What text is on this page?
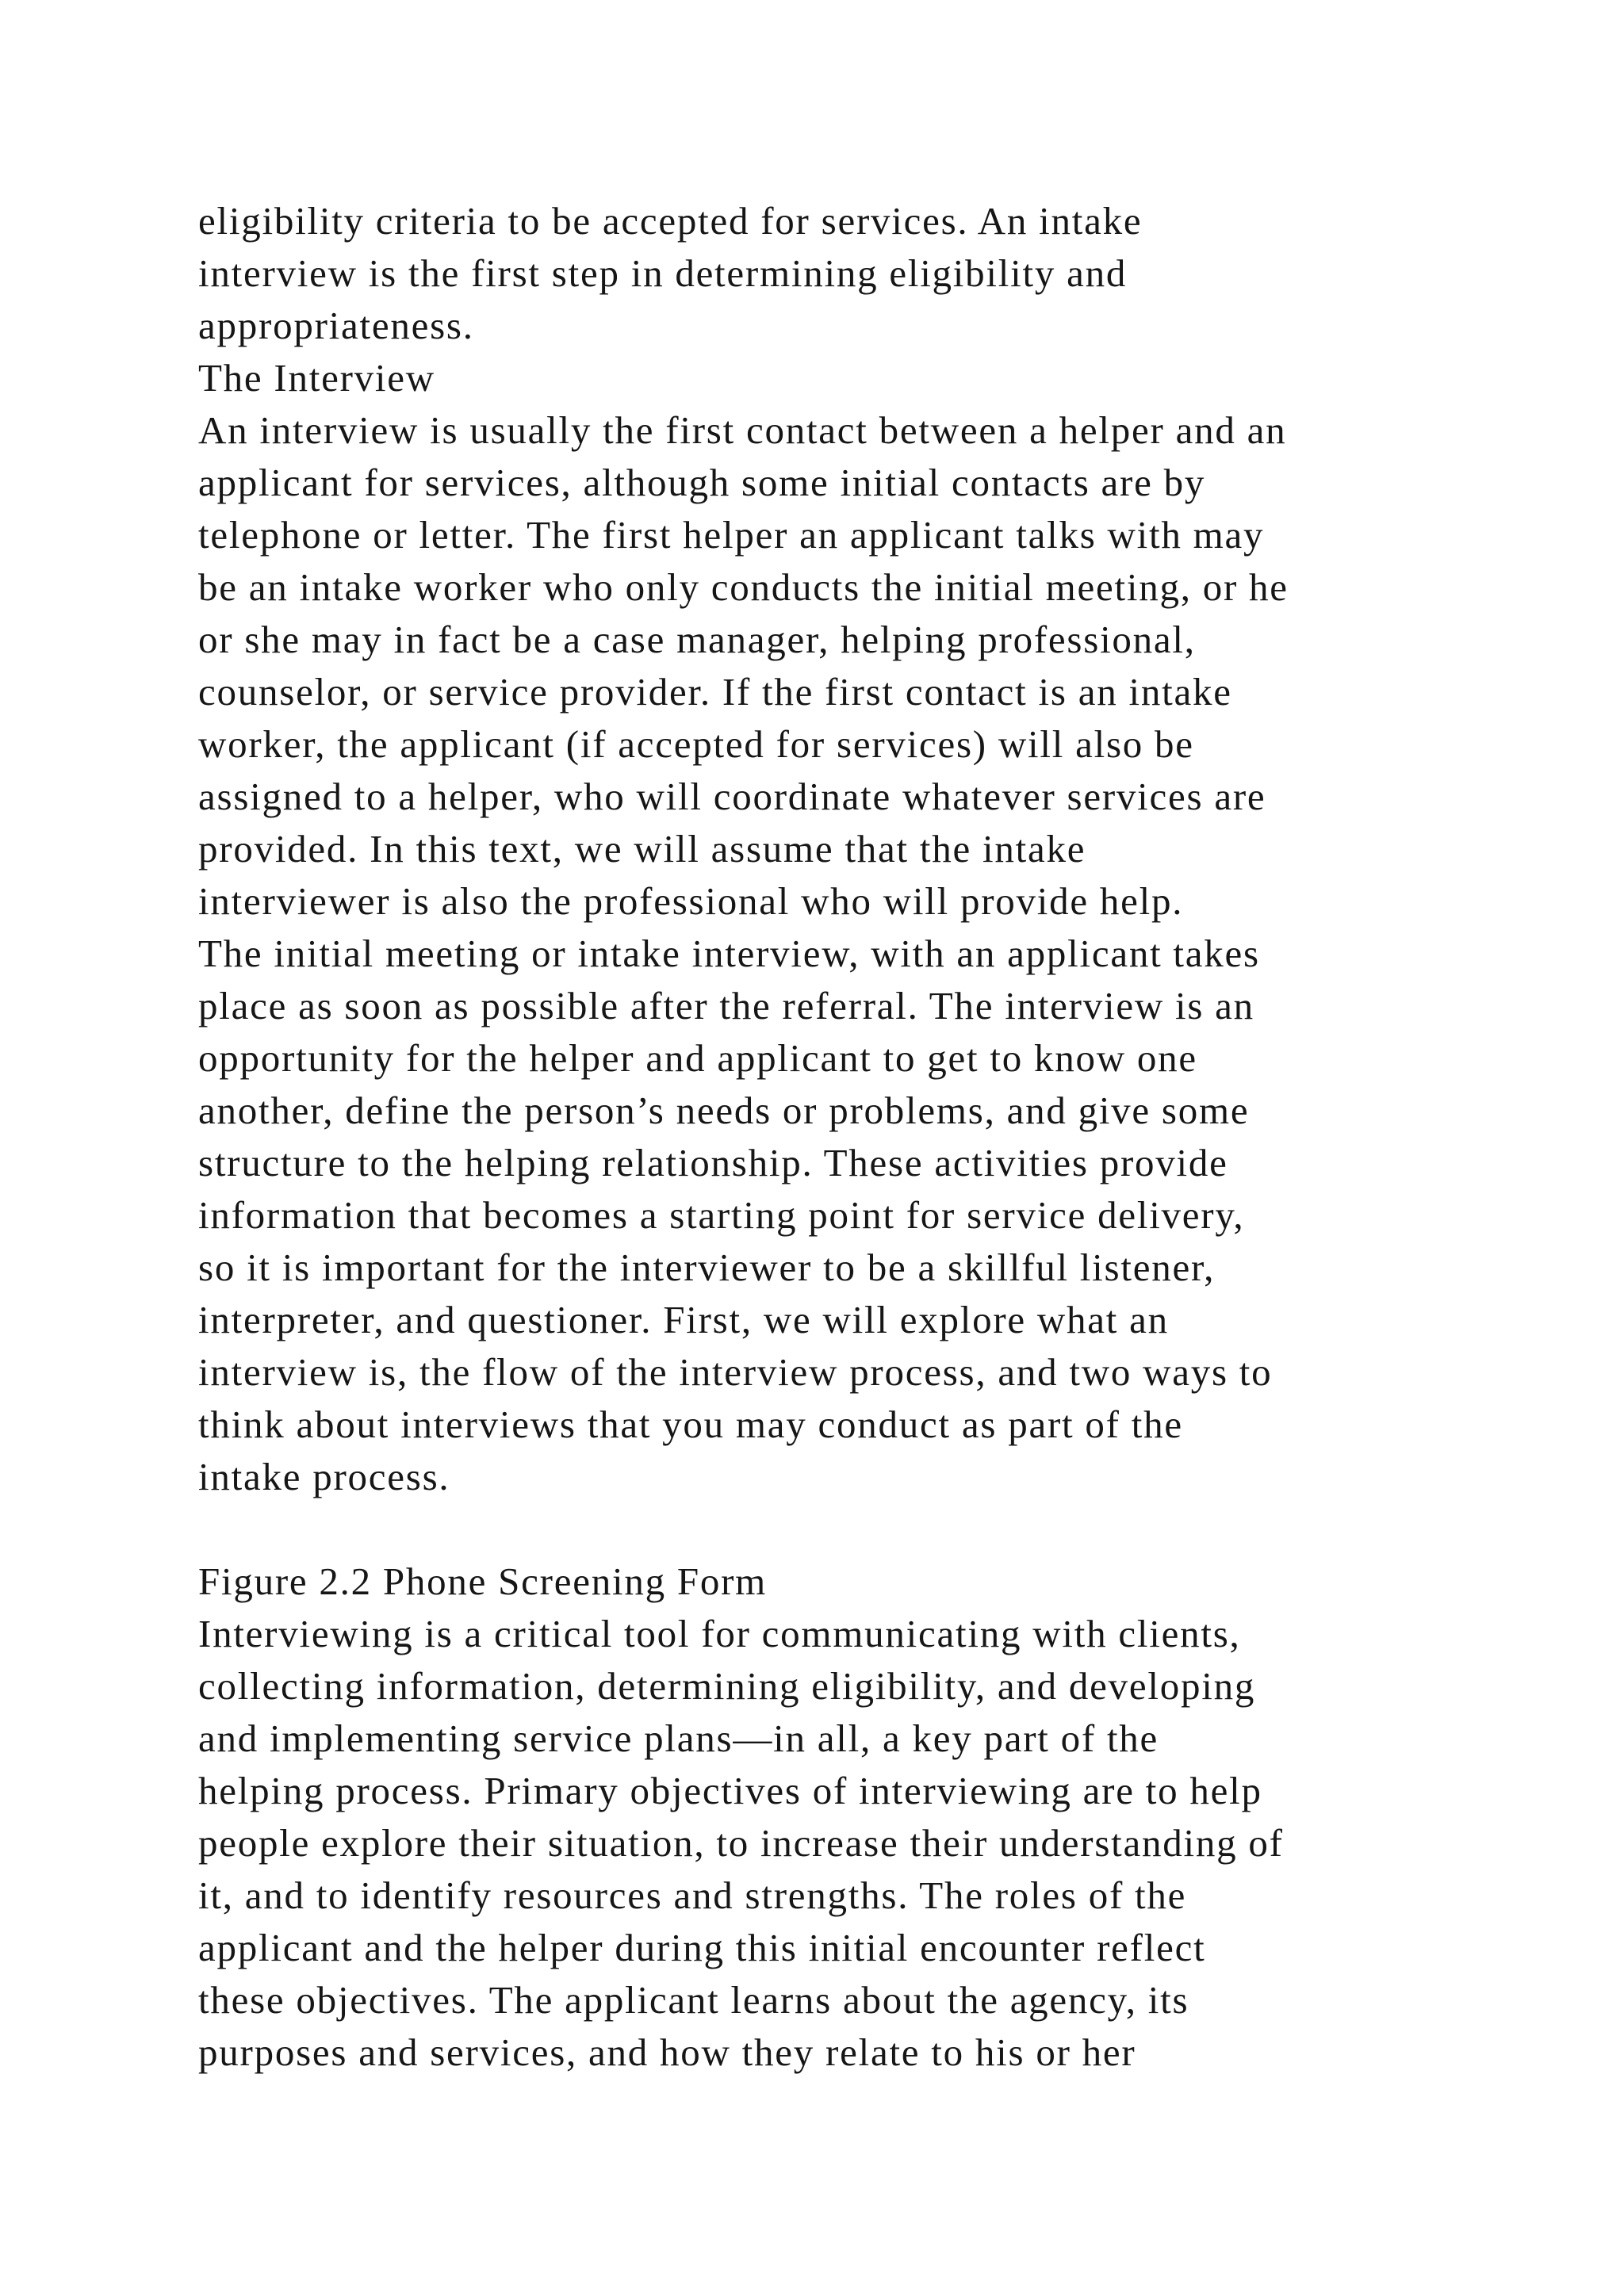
eligibility criteria to be accepted for services. An intake
interview is the first step in determining eligibility and
appropriateness.
The Interview
An interview is usually the first contact between a helper and an
applicant for services, although some initial contacts are by
telephone or letter. The first helper an applicant talks with may
be an intake worker who only conducts the initial meeting, or he
or she may in fact be a case manager, helping professional,
counselor, or service provider. If the first contact is an intake
worker, the applicant (if accepted for services) will also be
assigned to a helper, who will coordinate whatever services are
provided. In this text, we will assume that the intake
interviewer is also the professional who will provide help.
The initial meeting or intake interview, with an applicant takes
place as soon as possible after the referral. The interview is an
opportunity for the helper and applicant to get to know one
another, define the person’s needs or problems, and give some
structure to the helping relationship. These activities provide
information that becomes a starting point for service delivery,
so it is important for the interviewer to be a skillful listener,
interpreter, and questioner. First, we will explore what an
interview is, the flow of the interview process, and two ways to
think about interviews that you may conduct as part of the
intake process.
Figure 2.2 Phone Screening Form
Interviewing is a critical tool for communicating with clients,
collecting information, determining eligibility, and developing
and implementing service plans—in all, a key part of the
helping process. Primary objectives of interviewing are to help
people explore their situation, to increase their understanding of
it, and to identify resources and strengths. The roles of the
applicant and the helper during this initial encounter reflect
these objectives. The applicant learns about the agency, its
purposes and services, and how they relate to his or her
